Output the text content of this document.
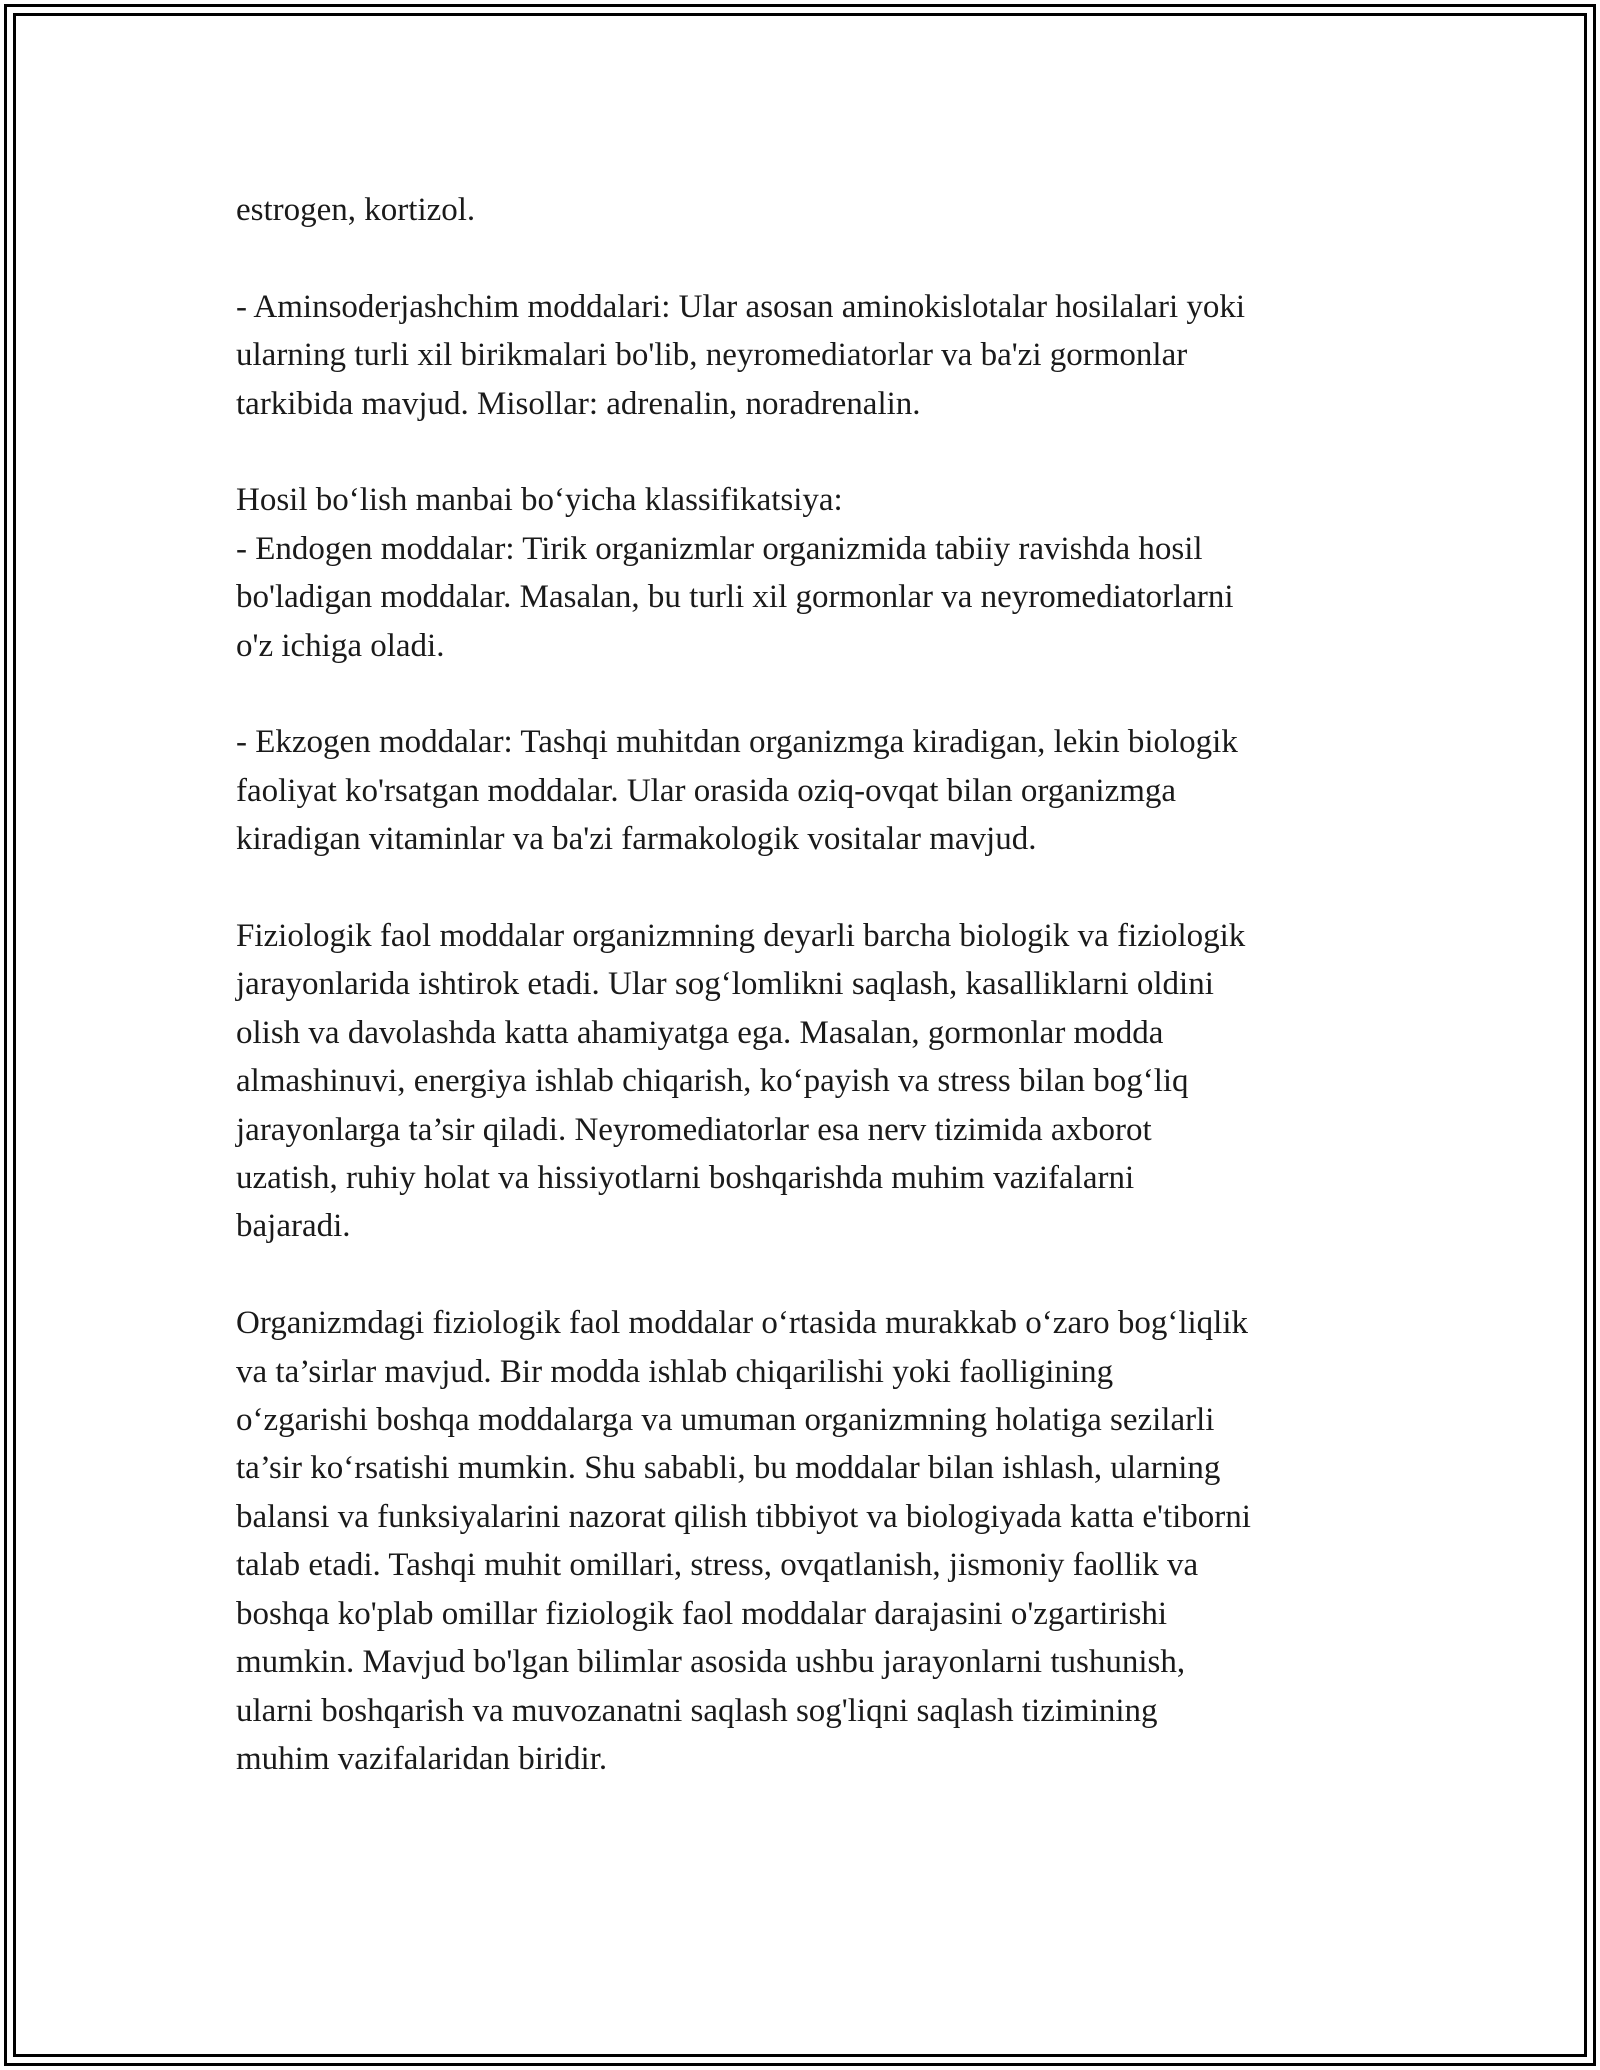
estrogen, kortizol.

- Aminsoderjashchim moddalari: Ular asosan aminokislotalar hosilalari yoki
ularning turli xil birikmalari bo'lib, neyromediatorlar va ba'zi gormonlar
tarkibida mavjud. Misollar: adrenalin, noradrenalin.

Hosil bo‘lish manbai bo‘yicha klassifikatsiya:
- Endogen moddalar: Tirik organizmlar organizmida tabiiy ravishda hosil
bo'ladigan moddalar. Masalan, bu turli xil gormonlar va neyromediatorlarni
o'z ichiga oladi.

- Ekzogen moddalar: Tashqi muhitdan organizmga kiradigan, lekin biologik
faoliyat ko'rsatgan moddalar. Ular orasida oziq-ovqat bilan organizmga
kiradigan vitaminlar va ba'zi farmakologik vositalar mavjud.

Fiziologik faol moddalar organizmning deyarli barcha biologik va fiziologik
jarayonlarida ishtirok etadi. Ular sog‘lomlikni saqlash, kasalliklarni oldini
olish va davolashda katta ahamiyatga ega. Masalan, gormonlar modda
almashinuvi, energiya ishlab chiqarish, ko‘payish va stress bilan bog‘liq
jarayonlarga ta’sir qiladi. Neyromediatorlar esa nerv tizimida axborot
uzatish, ruhiy holat va hissiyotlarni boshqarishda muhim vazifalarni
bajaradi.

Organizmdagi fiziologik faol moddalar o‘rtasida murakkab o‘zaro bog‘liqlik
va ta’sirlar mavjud. Bir modda ishlab chiqarilishi yoki faolligining
o‘zgarishi boshqa moddalarga va umuman organizmning holatiga sezilarli
ta’sir ko‘rsatishi mumkin. Shu sababli, bu moddalar bilan ishlash, ularning
balansi va funksiyalarini nazorat qilish tibbiyot va biologiyada katta e'tiborni
talab etadi. Tashqi muhit omillari, stress, ovqatlanish, jismoniy faollik va
boshqa ko'plab omillar fiziologik faol moddalar darajasini o'zgartirishi
mumkin. Mavjud bo'lgan bilimlar asosida ushbu jarayonlarni tushunish,
ularni boshqarish va muvozanatni saqlash sog'liqni saqlash tizimining
muhim vazifalaridan biridir.
